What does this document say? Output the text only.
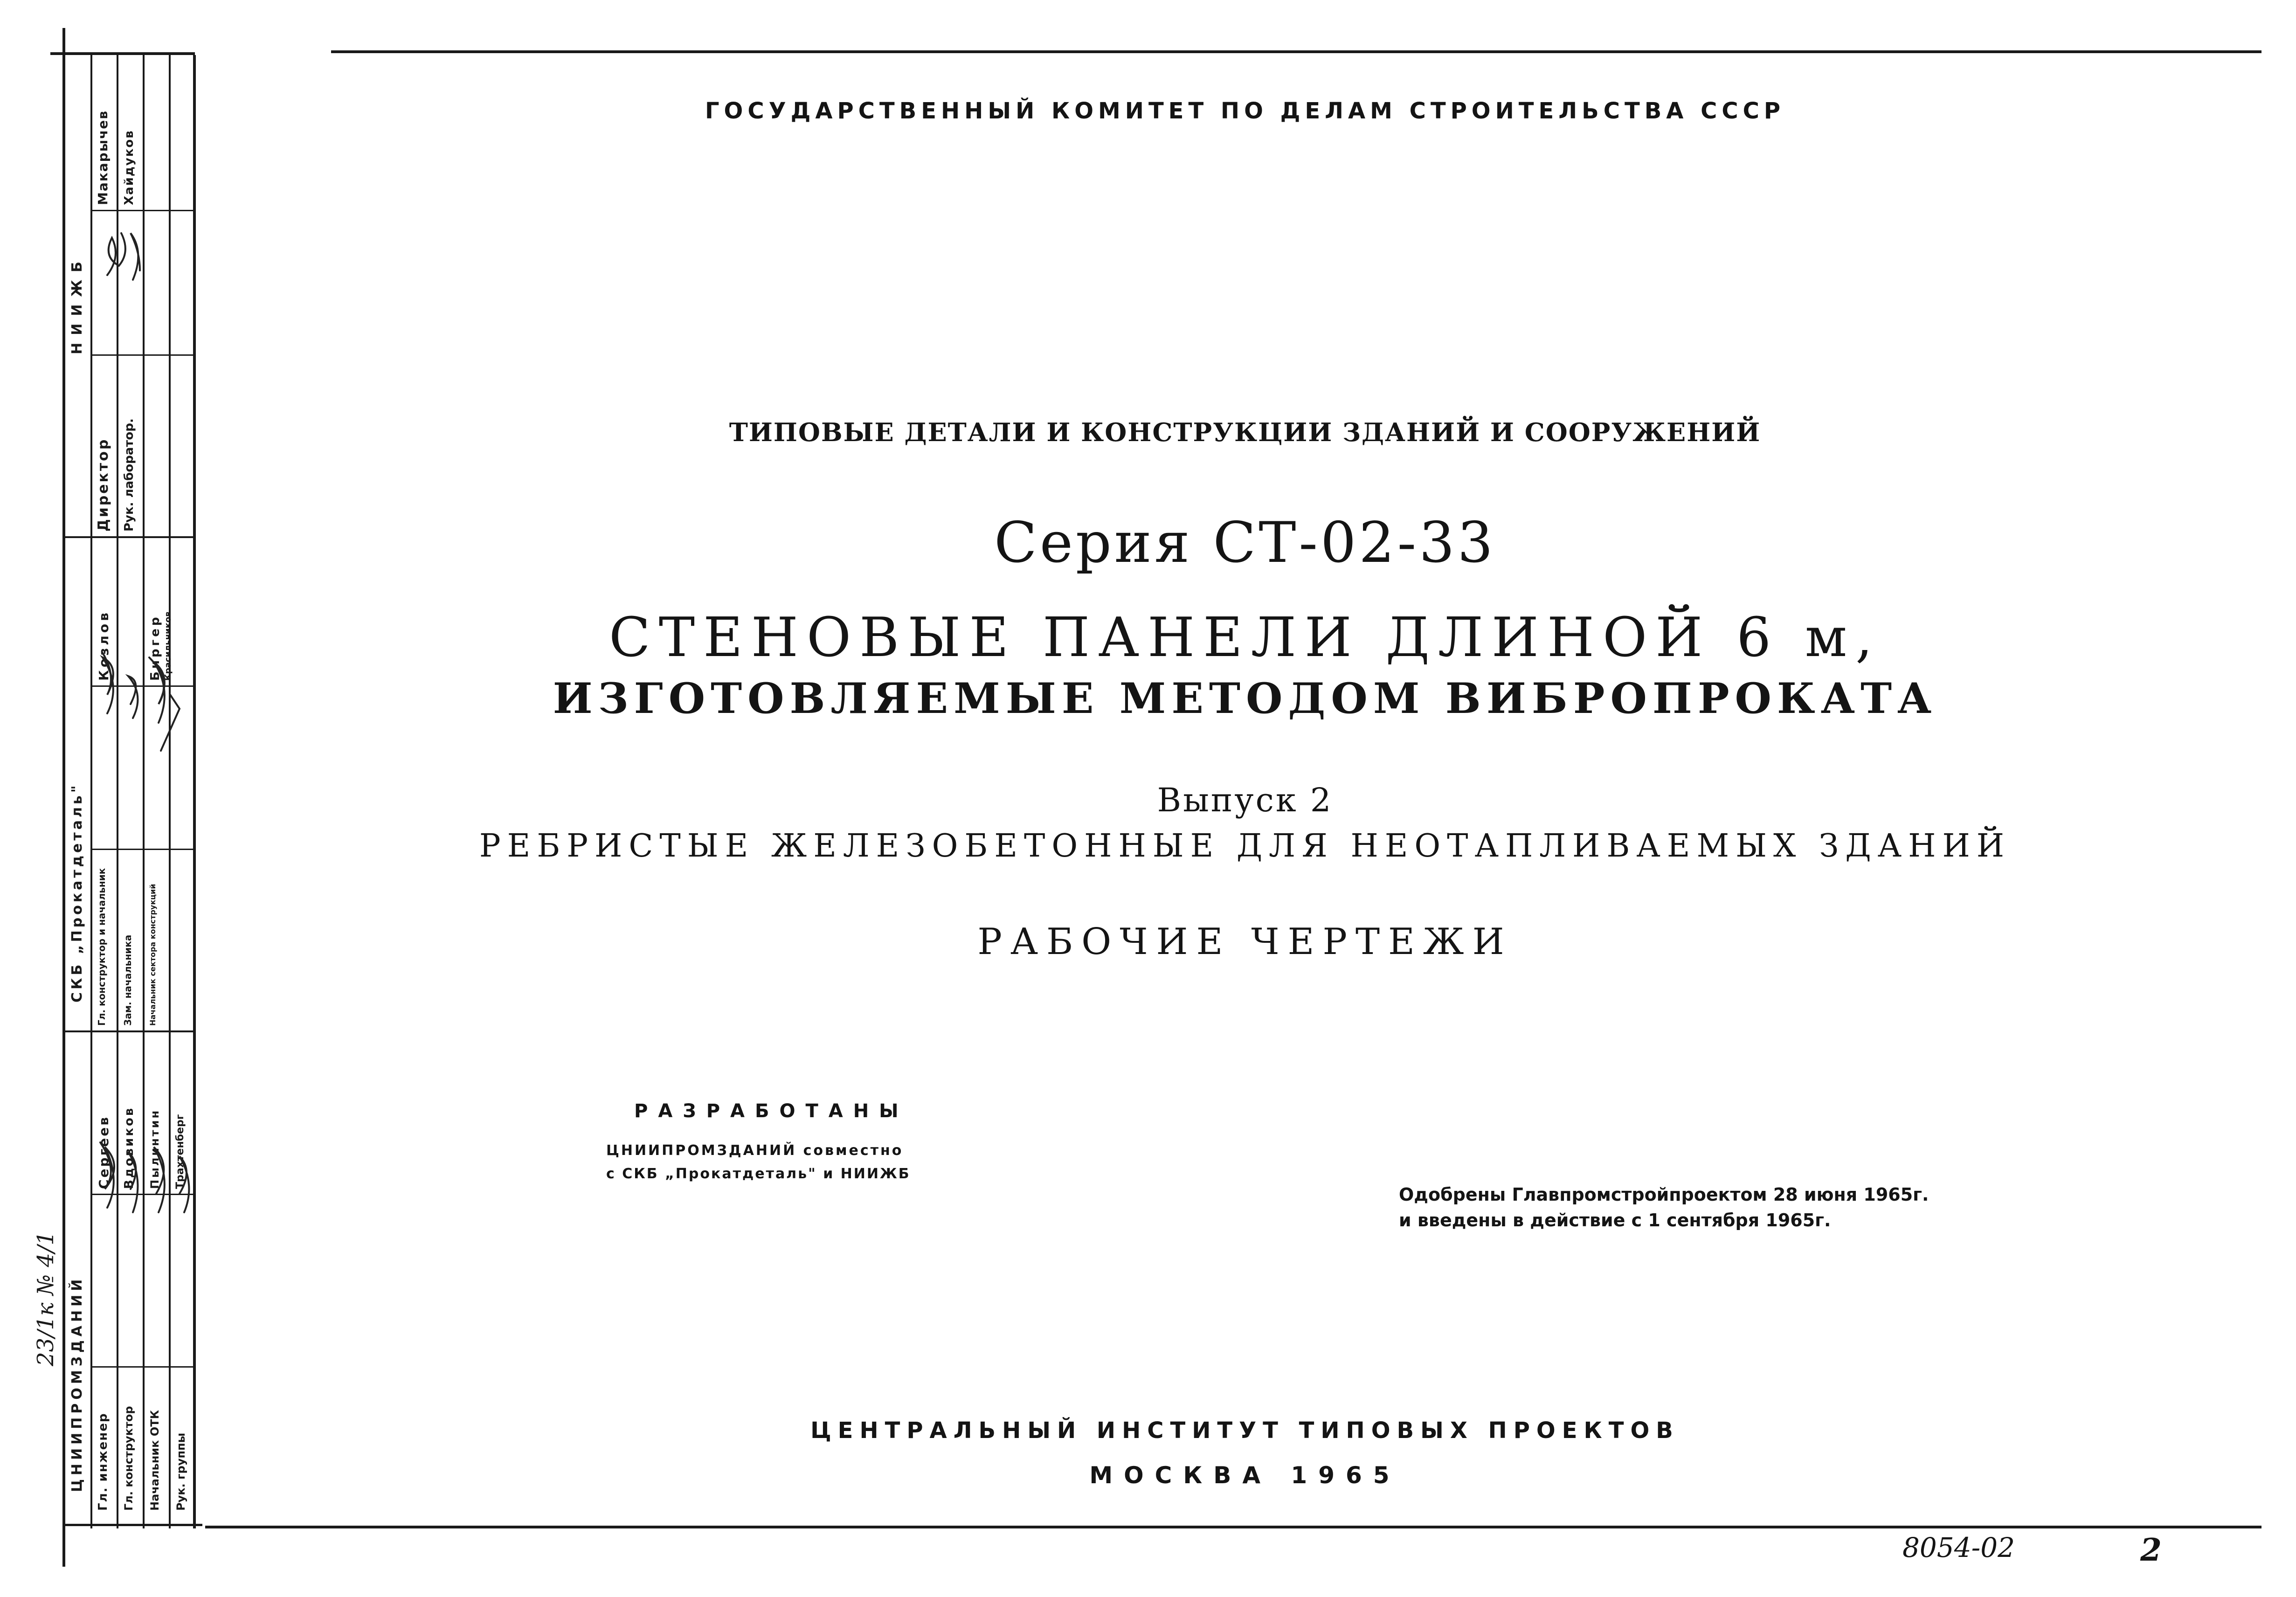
НИИЖБ
СКБ „Прокатдеталь"
ЦНИИПРОМЗДАНИЙ
Директор Рук. лаборатор.
Макарычев Хайдуков
Гл. конструктор и начальник Зам. начальника Начальник сектора конструкций
Козлов	Биргер Красильников
Гл. инженер Гл. конструктор Начальник ОТК Рук. группы
Сергеев Вдовиков Пылинтин Трахтенберг
23/1к № 4/1
ГОСУДАРСТВЕННЫЙ КОМИТЕТ ПО ДЕЛАМ СТРОИТЕЛЬСТВА СССР
ТИПОВЫЕ ДЕТАЛИ И КОНСТРУКЦИИ ЗДАНИЙ И СООРУЖЕНИЙ
Серия СТ-02-33
СТЕНОВЫЕ ПАНЕЛИ ДЛИНОЙ 6 м,
ИЗГОТОВЛЯЕМЫЕ МЕТОДОМ ВИБРОПРОКАТА
Выпуск 2
РЕБРИСТЫЕ ЖЕЛЕЗОБЕТОННЫЕ ДЛЯ НЕОТАПЛИВАЕМЫХ ЗДАНИЙ
РАБОЧИЕ ЧЕРТЕЖИ
РАЗРАБОТАНЫ
ЦНИИПРОМЗДАНИЙ совместно
с СКБ „Прокатдеталь" и НИИЖБ
Одобрены Главпромстройпроектом 28 июня 1965г.
и введены в действие с 1 сентября 1965г.
ЦЕНТРАЛЬНЫЙ ИНСТИТУТ ТИПОВЫХ ПРОЕКТОВ
МОСКВА 1965
8054-02	2
